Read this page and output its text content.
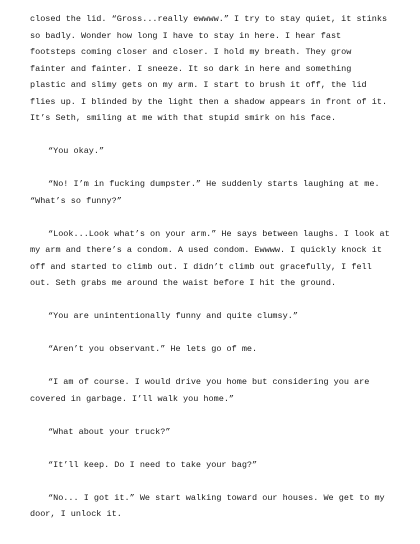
closed the lid. “Gross...really ewwww.” I try to stay quiet, it stinks so badly. Wonder how long I have to stay in here. I hear fast footsteps coming closer and closer. I hold my breath. They grow fainter and fainter. I sneeze. It so dark in here and something plastic and slimy gets on my arm. I start to brush it off, the lid flies up. I blinded by the light then a shadow appears in front of it. It’s Seth, smiling at me with that stupid smirk on his face.

“You okay.”

“No! I’m in fucking dumpster.” He suddenly starts laughing at me. “What’s so funny?”

“Look...Look what’s on your arm.” He says between laughs. I look at my arm and there’s a condom. A used condom. Ewwww. I quickly knock it off and started to climb out. I didn’t climb out gracefully, I fell out. Seth grabs me around the waist before I hit the ground.

“You are unintentionally funny and quite clumsy.”

“Aren’t you observant.” He lets go of me.

“I am of course. I would drive you home but considering you are covered in garbage. I’ll walk you home.”

“What about your truck?”

“It’ll keep. Do I need to take your bag?”

“No... I got it.” We start walking toward our houses. We get to my door, I unlock it.
